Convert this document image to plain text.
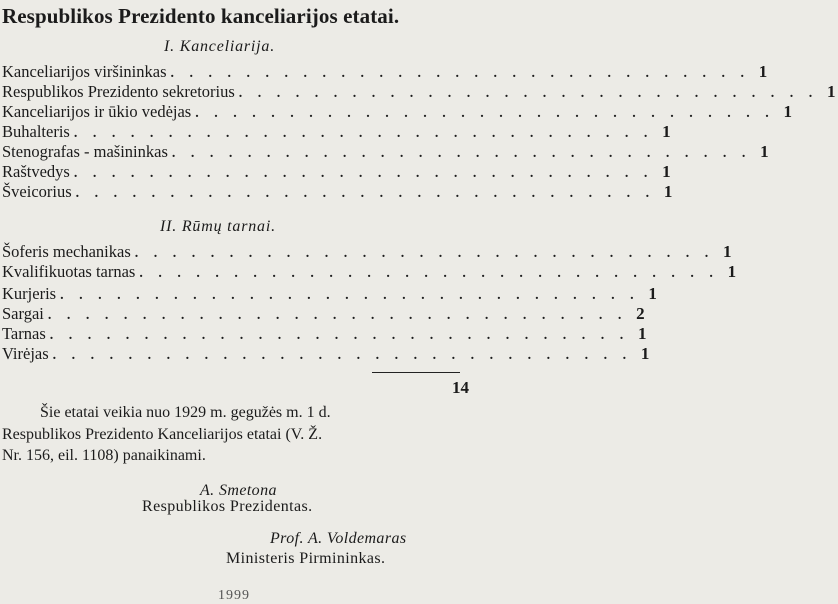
Respublikos Prezidento kanceliarijos etatai.
I. Kanceliarija.
Kanceliarijos viršininkas . . . . . . . . . . . . . . . . . . . . . . . . . . . . . . . 1
Respublikos Prezidento sekretorius . . . . . . . . . . . . . . . . . . . . . . . . . . . . . . . 1
Kanceliarijos ir ūkio vedėjas . . . . . . . . . . . . . . . . . . . . . . . . . . . . . . . 1
Buhalteris . . . . . . . . . . . . . . . . . . . . . . . . . . . . . . . 1
Stenografas - mašininkas . . . . . . . . . . . . . . . . . . . . . . . . . . . . . . . 1
Raštvedys . . . . . . . . . . . . . . . . . . . . . . . . . . . . . . . 1
Šveicorius . . . . . . . . . . . . . . . . . . . . . . . . . . . . . . . 1
II. Rūmų tarnai.
Šoferis mechanikas . . . . . . . . . . . . . . . . . . . . . . . . . . . . . . . 1
Kvalifikuotas tarnas . . . . . . . . . . . . . . . . . . . . . . . . . . . . . . . 1
Kurjeris . . . . . . . . . . . . . . . . . . . . . . . . . . . . . . . 1
Sargai . . . . . . . . . . . . . . . . . . . . . . . . . . . . . . . 2
Tarnas . . . . . . . . . . . . . . . . . . . . . . . . . . . . . . . 1
Virėjas . . . . . . . . . . . . . . . . . . . . . . . . . . . . . . . 1
14
Šie etatai veikia nuo 1929 m. gegužės m. 1 d.
Respublikos Prezidento Kanceliarijos etatai (V. Ž.
Nr. 156, eil. 1108) panaikinami.
A. Smetona
Respublikos Prezidentas.
Prof. A. Voldemaras
Ministeris Pirmininkas.
1999
